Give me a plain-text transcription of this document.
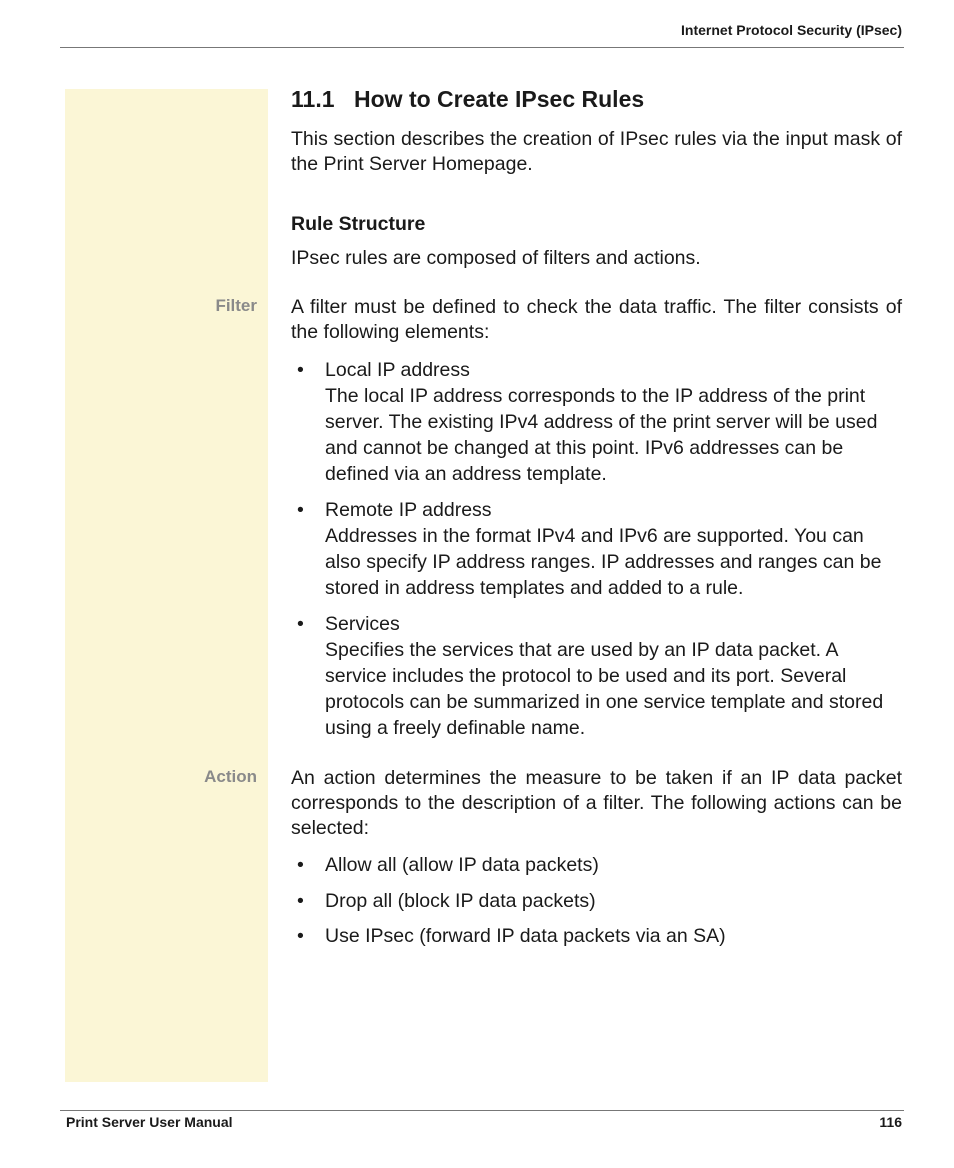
Internet Protocol Security (IPsec)
11.1 How to Create IPsec Rules
This section describes the creation of IPsec rules via the input mask of the Print Server Homepage.
Rule Structure
IPsec rules are composed of filters and actions.
Filter A filter must be defined to check the data traffic. The filter consists of the following elements:
• Local IP address
The local IP address corresponds to the IP address of the print server. The existing IPv4 address of the print server will be used and cannot be changed at this point. IPv6 addresses can be defined via an address template.
• Remote IP address
Addresses in the format IPv4 and IPv6 are supported. You can also specify IP address ranges. IP addresses and ranges can be stored in address templates and added to a rule.
• Services
Specifies the services that are used by an IP data packet. A service includes the protocol to be used and its port. Several protocols can be summarized in one service template and stored using a freely definable name.
Action An action determines the measure to be taken if an IP data packet corresponds to the description of a filter. The following actions can be selected:
• Allow all (allow IP data packets)
• Drop all (block IP data packets)
• Use IPsec (forward IP data packets via an SA)
Print Server User Manual	116
